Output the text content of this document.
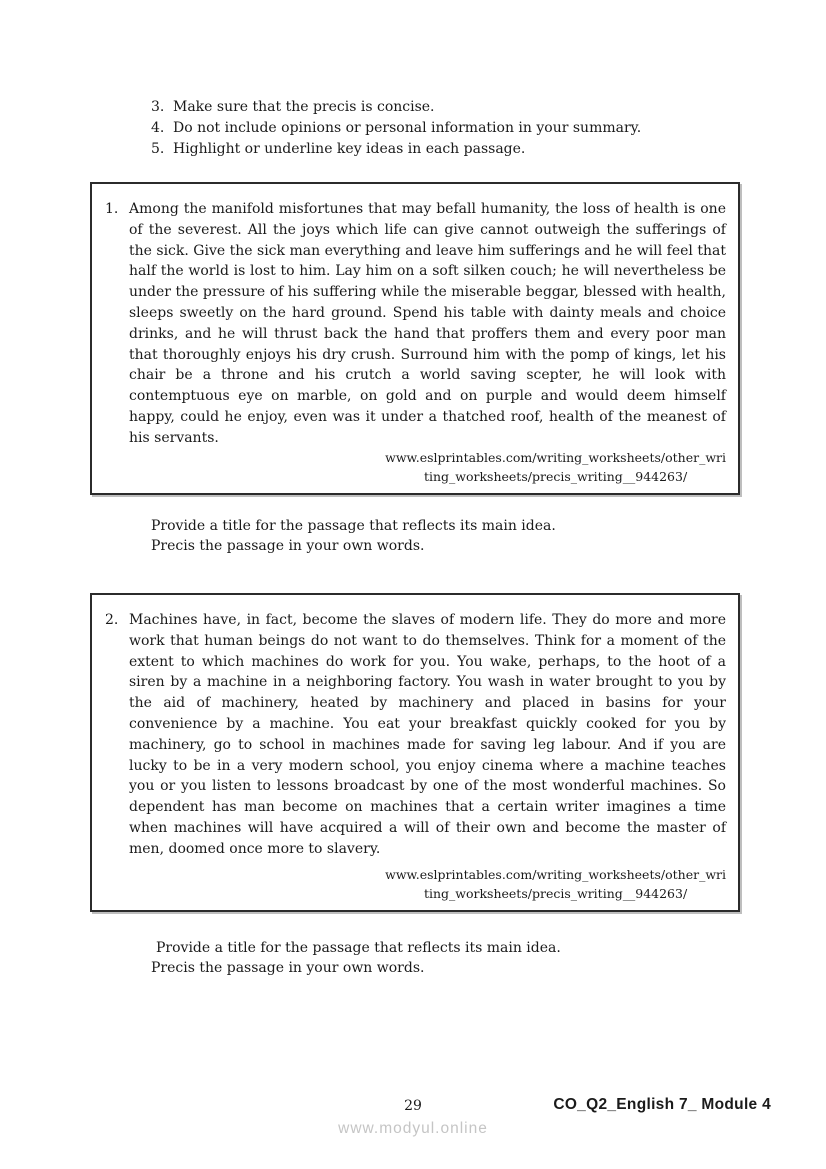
3. Make sure that the precis is concise.
4. Do not include opinions or personal information in your summary.
5. Highlight or underline key ideas in each passage.
1. Among the manifold misfortunes that may befall humanity, the loss of health is one of the severest. All the joys which life can give cannot outweigh the sufferings of the sick. Give the sick man everything and leave him sufferings and he will feel that half the world is lost to him. Lay him on a soft silken couch; he will nevertheless be under the pressure of his suffering while the miserable beggar, blessed with health, sleeps sweetly on the hard ground. Spend his table with dainty meals and choice drinks, and he will thrust back the hand that proffers them and every poor man that thoroughly enjoys his dry crush. Surround him with the pomp of kings, let his chair be a throne and his crutch a world saving scepter, he will look with contemptuous eye on marble, on gold and on purple and would deem himself happy, could he enjoy, even was it under a thatched roof, health of the meanest of his servants.

www.eslprintables.com/writing_worksheets/other_wri
ting_worksheets/precis_writing__944263/
Provide a title for the passage that reflects its main idea.
Precis the passage in your own words.
2. Machines have, in fact, become the slaves of modern life. They do more and more work that human beings do not want to do themselves. Think for a moment of the extent to which machines do work for you. You wake, perhaps, to the hoot of a siren by a machine in a neighboring factory. You wash in water brought to you by the aid of machinery, heated by machinery and placed in basins for your convenience by a machine. You eat your breakfast quickly cooked for you by machinery, go to school in machines made for saving leg labour. And if you are lucky to be in a very modern school, you enjoy cinema where a machine teaches you or you listen to lessons broadcast by one of the most wonderful machines. So dependent has man become on machines that a certain writer imagines a time when machines will have acquired a will of their own and become the master of men, doomed once more to slavery.

www.eslprintables.com/writing_worksheets/other_wri
ting_worksheets/precis_writing__944263/
Provide a title for the passage that reflects its main idea.
Precis the passage in your own words.
29	CO_Q2_English 7_ Module 4
www.modyul.online
